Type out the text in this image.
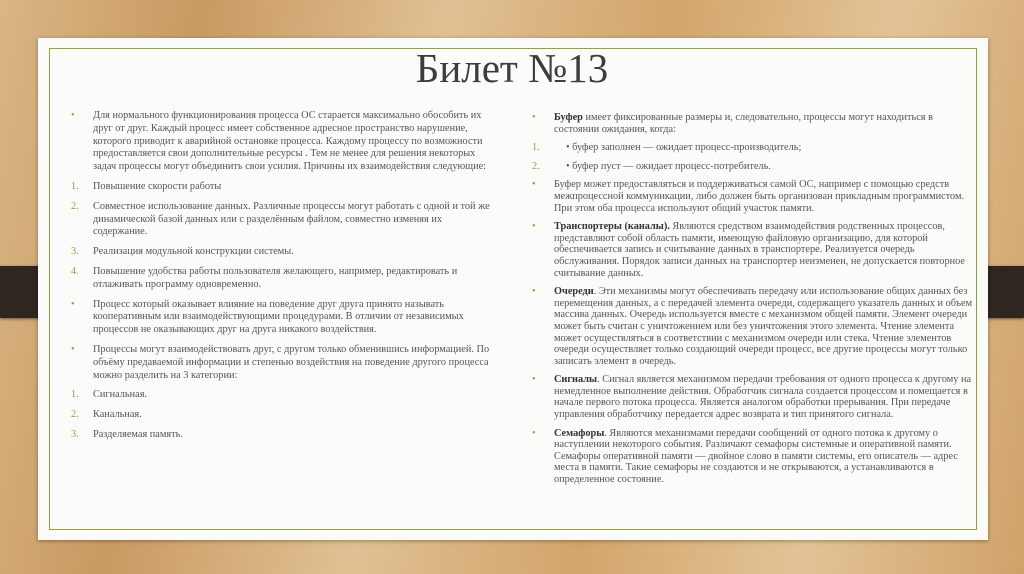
Билет №13
• Для нормального функционирования процесса ОС старается максимально обособить их друг от друг. Каждый процесс имеет собственное адресное пространство нарушение, которого приводит к аварийной остановке процесса. Каждому процессу по возможности предоставляется свои дополнительные ресурсы . Тем не менее для решения некоторых задач процессы могут объединить свои усилия. Причины их взаимодействия следующие:
1. Повышение скорости работы
2. Совместное использование данных. Различные процессы могут работать с одной и той же динамической базой данных или с разделённым файлом, совместно изменяя их содержание.
3. Реализация модульной конструкции системы.
4. Повышение удобства работы пользователя желающего, например, редактировать и отлаживать программу одновременно.
• Процесс который оказывает влияние на поведение друг друга принято называть кооперативным или взаимодействующими процедурами. В отличии от независимых процессов не оказывающих друг на друга никакого воздействия.
• Процессы могут взаимодействовать друг, с другом только обменившись информацией. По объёму предаваемой информации и степенью воздействия на поведение другого процесса можно разделить на 3 категории:
1. Сигнальная.
2. Канальная.
3. Разделяемая память.
• Буфер имеет фиксированные размеры и, следовательно, процессы могут находиться в состоянии ожидания, когда:
1.	• буфер заполнен — ожидает процесс-производитель;
2.	• буфер пуст — ожидает процесс-потребитель.
• Буфер может предоставляться и поддерживаться самой ОС, например с помощью средств межпроцессной коммуникации, либо должен быть организован прикладным программистом. При этом оба процесса используют общий участок памяти.
• Транспортеры (каналы). Являются средством взаимодействия родственных процессов, представляют собой область памяти, имеющую файловую организацию, для которой обеспечивается запись и считывание данных в транспортере. Реализуется очередь обслуживания. Порядок записи данных на транспортер неизменен, не допускается повторное считывание данных.
• Очереди. Эти механизмы могут обеспечивать передачу или использование общих данных без перемещения данных, а с передачей элемента очереди, содержащего указатель данных и объем массива данных. Очередь используется вместе с механизмом общей памяти. Элемент очереди может быть считан с уничтожением или без уничтожения этого элемента. Чтение элемента может осуществляться в соответствии с механизмом очереди или стека. Чтение элементов очереди осуществляет только создающий очереди процесс, все другие процессы могут только записать элемент в очередь.
• Сигналы. Сигнал является механизмом передачи требования от одного процесса к другому на немедленное выполнение действия. Обработчик сигнала создается процессом и помещается в начале первого потока процесса. Является аналогом обработки прерывания. При передаче управления обработчику передается адрес возврата и тип принятого сигнала.
• Семафоры. Являются механизмами передачи сообщений от одного потока к другому о наступлении некоторого события. Различают семафоры системные и оперативной памяти. Семафоры оперативной памяти — двойное слово в памяти системы, его описатель — адрес места в памяти. Такие семафоры не создаются и не открываются, а устанавливаются в определенное состояние.
